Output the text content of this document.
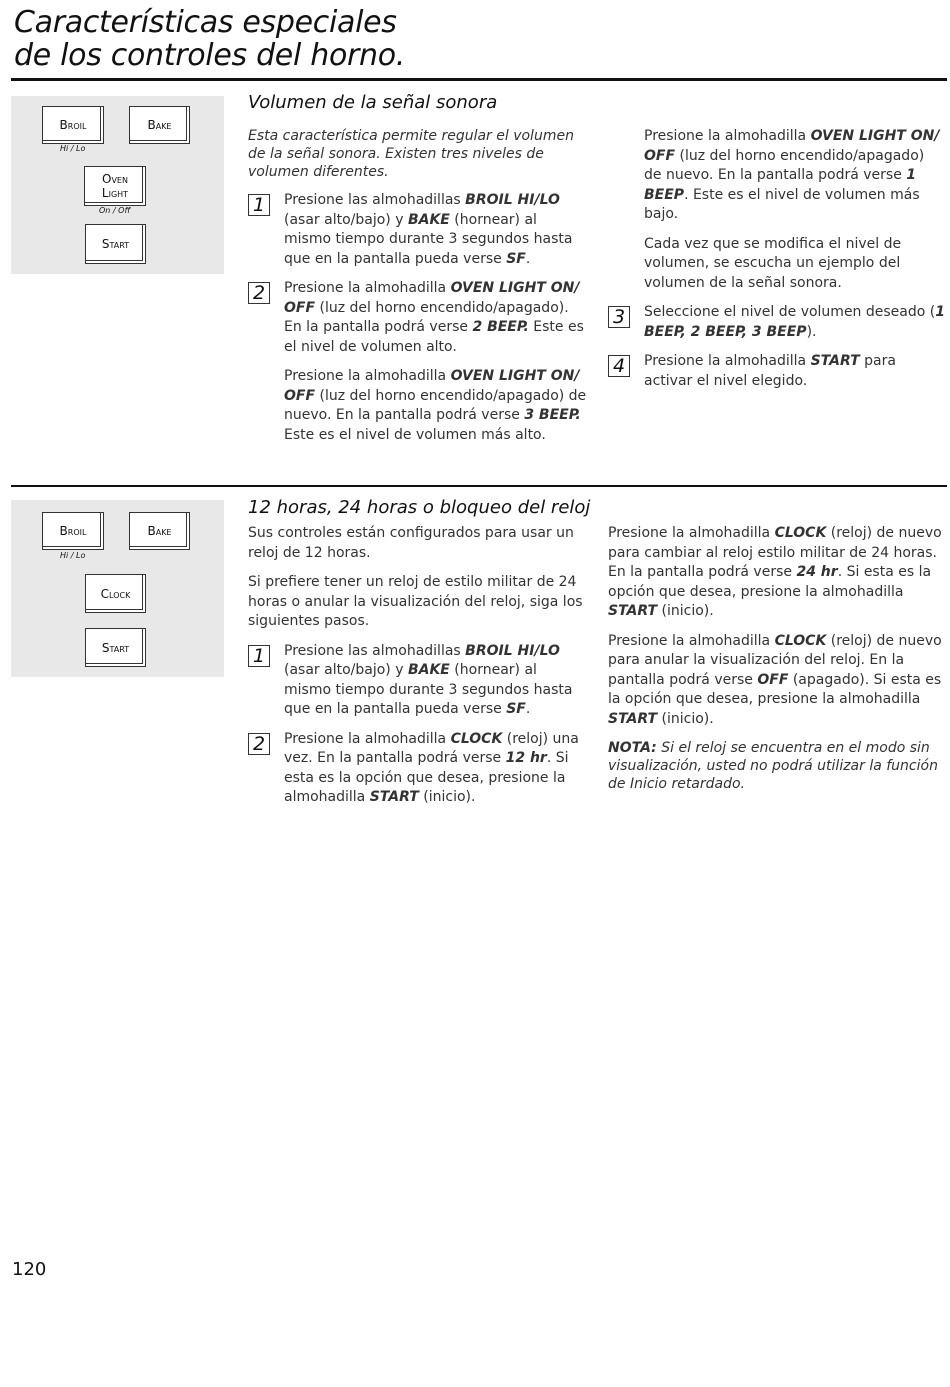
Características especiales
de los controles del horno.
Broil
Hi / Lo
Bake
Oven
Light
On / Off
Start
Volumen de la señal sonora

Esta característica permite regular el volumen de la señal sonora. Existen tres niveles de volumen diferentes.

1	Presione las almohadillas BROIL HI/LO (asar alto/bajo) y BAKE (hornear) al mismo tiempo durante 3 segundos hasta que en la pantalla pueda verse SF.
2	Presione la almohadilla OVEN LIGHT ON/ OFF (luz del horno encendido/apagado). En la pantalla podrá verse 2 BEEP. Este es el nivel de volumen alto.

Presione la almohadilla OVEN LIGHT ON/ OFF (luz del horno encendido/apagado) de nuevo. En la pantalla podrá verse 3 BEEP. Este es el nivel de volumen más alto.

Presione la almohadilla OVEN LIGHT ON/ OFF (luz del horno encendido/apagado) de nuevo. En la pantalla podrá verse 1 BEEP. Este es el nivel de volumen más bajo.

Cada vez que se modifica el nivel de volumen, se escucha un ejemplo del volumen de la señal sonora.

3	Seleccione el nivel de volumen deseado (1 BEEP, 2 BEEP, 3 BEEP).
4	Presione la almohadilla START para activar el nivel elegido.
Broil
Hi / Lo
Bake
Clock
Start
12 horas, 24 horas o bloqueo del reloj

Sus controles están configurados para usar un reloj de 12 horas.

Si prefiere tener un reloj de estilo militar de 24 horas o anular la visualización del reloj, siga los siguientes pasos.

1	Presione las almohadillas BROIL HI/LO (asar alto/bajo) y BAKE (hornear) al mismo tiempo durante 3 segundos hasta que en la pantalla pueda verse SF.
2	Presione la almohadilla CLOCK (reloj) una vez. En la pantalla podrá verse 12 hr. Si esta es la opción que desea, presione la almohadilla START (inicio).

Presione la almohadilla CLOCK (reloj) de nuevo para cambiar al reloj estilo militar de 24 horas. En la pantalla podrá verse 24 hr. Si esta es la opción que desea, presione la almohadilla START (inicio).

Presione la almohadilla CLOCK (reloj) de nuevo para anular la visualización del reloj. En la pantalla podrá verse OFF (apagado). Si esta es la opción que desea, presione la almohadilla START (inicio).

NOTA: Si el reloj se encuentra en el modo sin visualización, usted no podrá utilizar la función de Inicio retardado.

120
